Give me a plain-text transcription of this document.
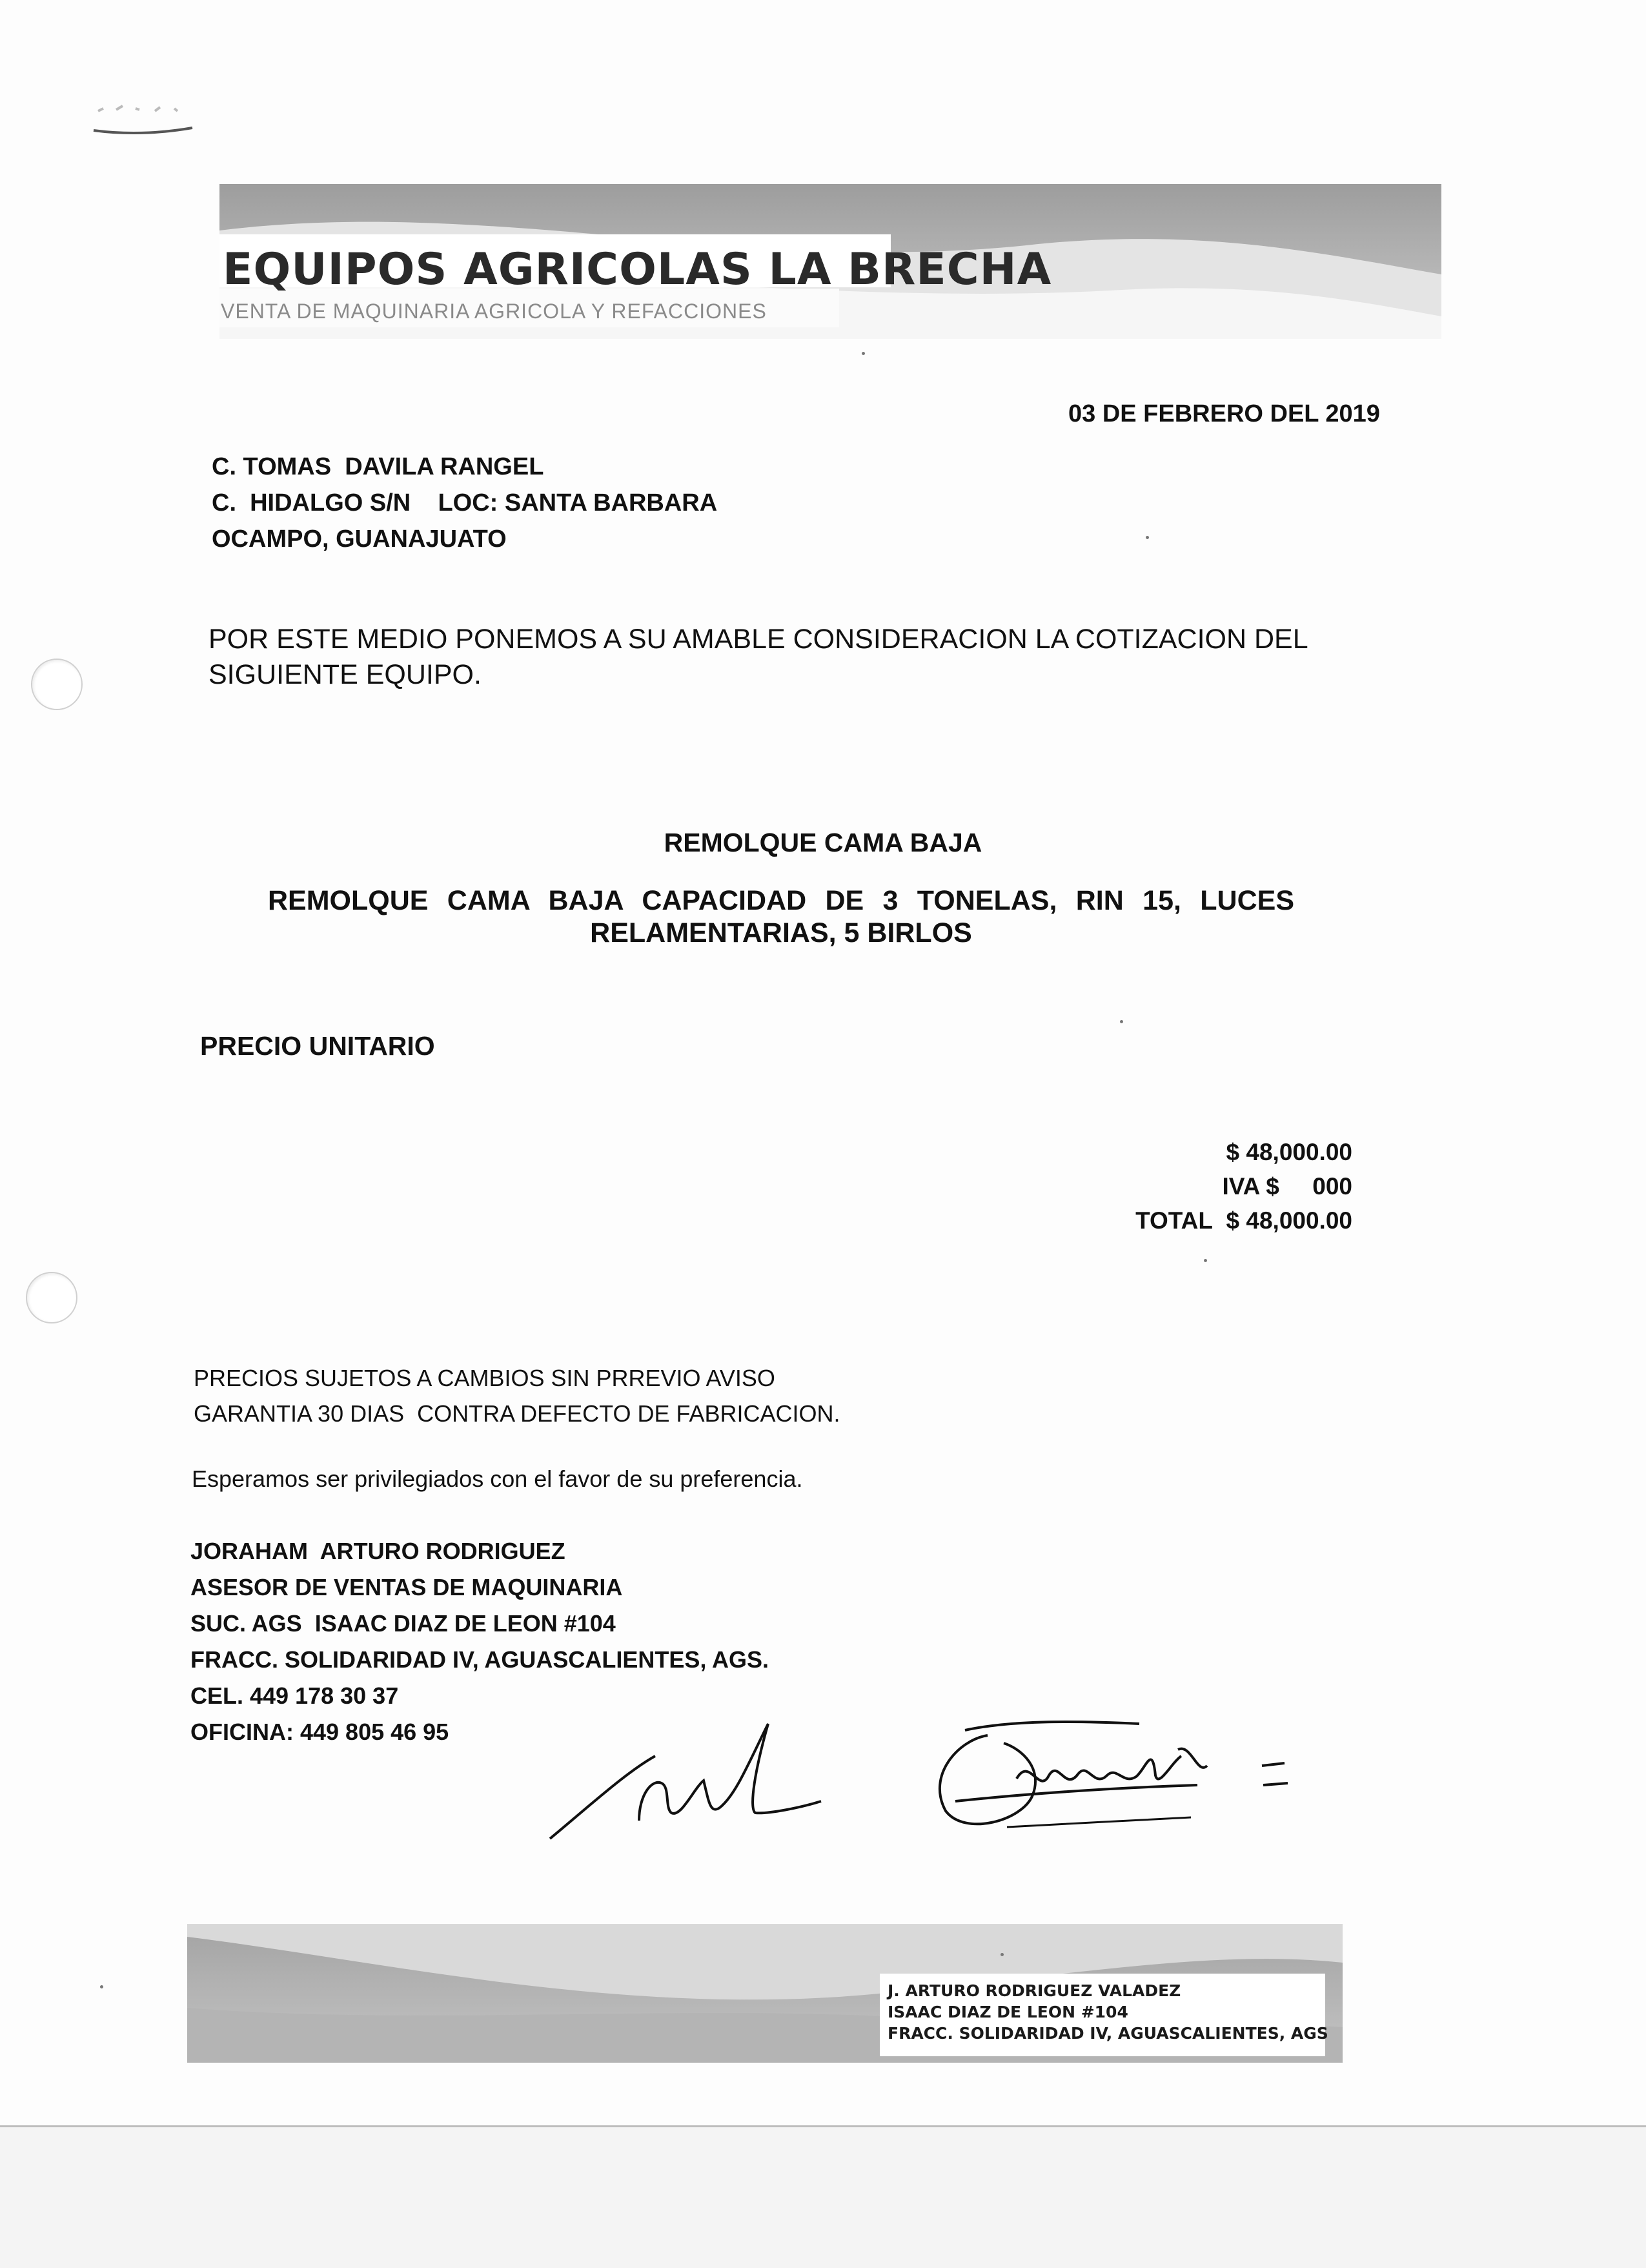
EQUIPOS AGRICOLAS LA BRECHA
VENTA DE MAQUINARIA AGRICOLA Y REFACCIONES
03 DE FEBRERO DEL 2019
C. TOMAS  DAVILA RANGEL
C.  HIDALGO S/N    LOC: SANTA BARBARA
OCAMPO, GUANAJUATO
POR ESTE MEDIO PONEMOS A SU AMABLE CONSIDERACION LA COTIZACION DEL SIGUIENTE EQUIPO.
REMOLQUE CAMA BAJA
REMOLQUE CAMA BAJA CAPACIDAD DE 3 TONELAS, RIN 15, LUCES
RELAMENTARIAS, 5 BIRLOS
PRECIO UNITARIO
$ 48,000.00
IVA $     000
TOTAL $ 48,000.00
PRECIOS SUJETOS A CAMBIOS SIN PRREVIO AVISO
GARANTIA 30 DIAS  CONTRA DEFECTO DE FABRICACION.
Esperamos ser privilegiados con el favor de su preferencia.
JORAHAM  ARTURO RODRIGUEZ
ASESOR DE VENTAS DE MAQUINARIA
SUC. AGS  ISAAC DIAZ DE LEON #104
FRACC. SOLIDARIDAD IV, AGUASCALIENTES, AGS.
CEL. 449 178 30 37
OFICINA: 449 805 46 95
J. ARTURO RODRIGUEZ VALADEZ
ISAAC DIAZ DE LEON #104
FRACC. SOLIDARIDAD IV, AGUASCALIENTES, AGS
